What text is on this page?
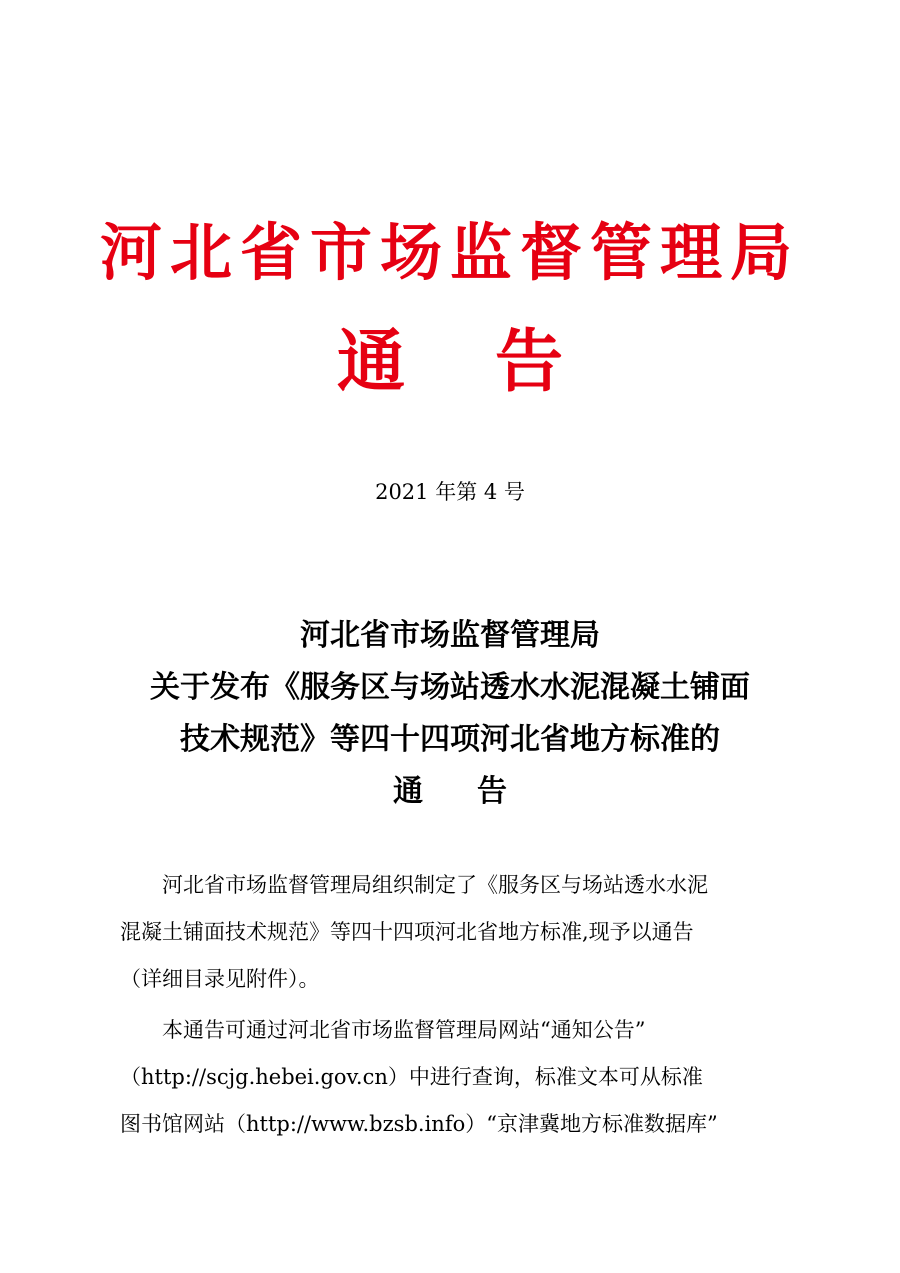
河北省市场监督管理局
通 告
2021 年第 4 号
河北省市场监督管理局
关于发布《服务区与场站透水水泥混凝土铺面
技术规范》等四十四项河北省地方标准的
通 告
　　河北省市场监督管理局组织制定了《服务区与场站透水水泥
混凝土铺面技术规范》等四十四项河北省地方标准,现予以通告
（详细目录见附件）。
　　本通告可通过河北省市场监督管理局网站“通知公告”
（http://scjg.hebei.gov.cn）中进行查询，标准文本可从标准
图书馆网站（http://www.bzsb.info）“京津冀地方标准数据库”
